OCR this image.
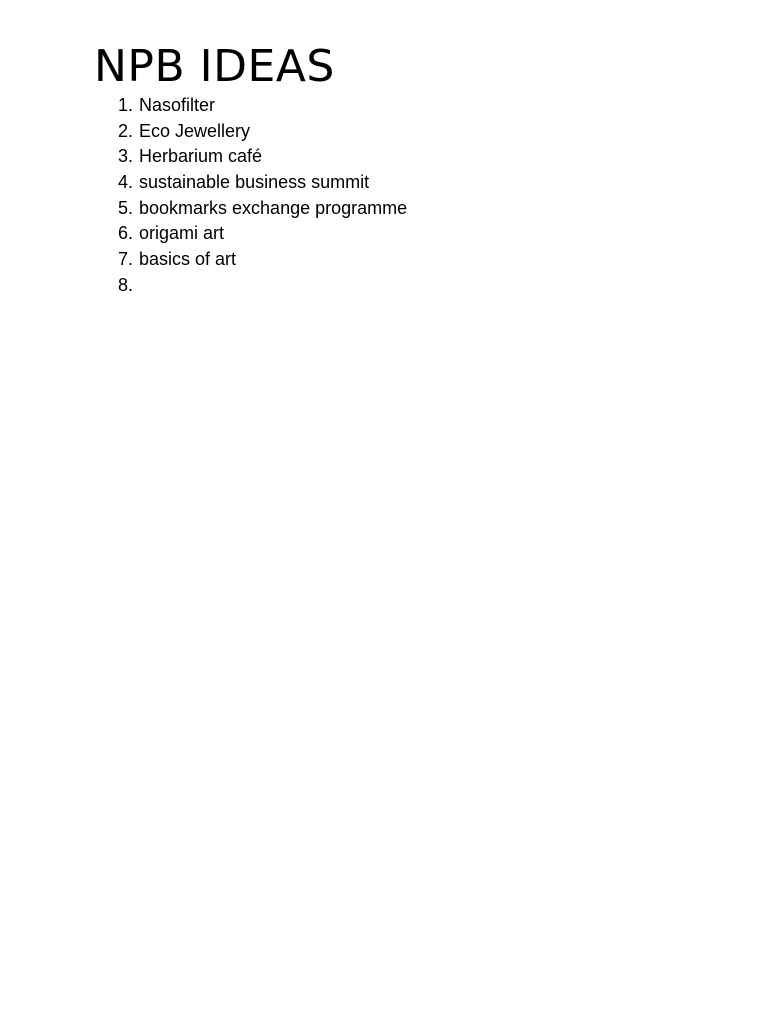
NPB IDEAS
1. Nasofilter
2. Eco Jewellery
3. Herbarium café
4. sustainable business summit
5. bookmarks exchange programme
6. origami art
7. basics of art
8.
